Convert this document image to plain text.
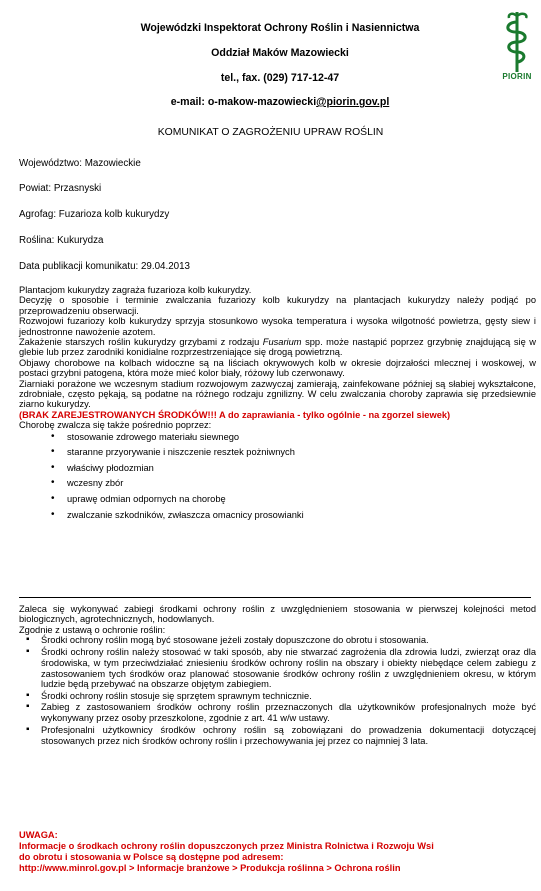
Wojewódzki Inspektorat Ochrony Roślin i Nasiennictwa
Oddział Maków Mazowiecki
tel., fax. (029) 717-12-47
e-mail: o-makow-mazowiecki@piorin.gov.pl
PIORIN
KOMUNIKAT O ZAGROŻENIU UPRAW ROŚLIN
Województwo: Mazowieckie
Powiat: Przasnyski
Agrofag: Fuzarioza kolb kukurydzy
Roślina: Kukurydza
Data publikacji komunikatu: 29.04.2013

Plantacjom kukurydzy zagraża fuzarioza kolb kukurydzy.

Decyzję o sposobie i terminie zwalczania fuzariozy kolb kukurydzy na plantacjach kukurydzy należy podjąć po przeprowadzeniu obserwacji.

Rozwojowi fuzariozy kolb kukurydzy sprzyja stosunkowo wysoka temperatura i wysoka wilgotność powietrza, gęsty siew i jednostronne nawożenie azotem.

Zakażenie starszych roślin kukurydzy grzybami z rodzaju Fusarium spp. może nastąpić poprzez grzybnię znajdującą się w glebie lub przez zarodniki konidialne rozprzestrzeniające się drogą powietrzną.

Objawy chorobowe na kolbach widoczne są na liściach okrywowych kolb w okresie dojrzałości mlecznej i woskowej, w postaci grzybni patogena, która może mieć kolor biały, różowy lub czerwonawy.

Ziarniaki porażone we wczesnym stadium rozwojowym zazwyczaj zamierają, zainfekowane później są słabiej wykształcone, zdrobniałe, często pękają, są podatne na różnego rodzaju zgnilizny. W celu zwalczania choroby zaprawia się przedsiewnie ziarno kukurydzy.

(BRAK ZAREJESTROWANYCH ŚRODKÓW!!! A do zaprawiania - tylko ogólnie - na zgorzel siewek)

Chorobę zwalcza się także pośrednio poprzez:

• stosowanie zdrowego materiału siewnego
• staranne przyorywanie i niszczenie resztek pożniwnych
• właściwy płodozmian
• wczesny zbór
• uprawę odmian odpornych na chorobę
• zwalczanie szkodników, zwłaszcza omacnicy prosowianki

Zaleca się wykonywać zabiegi środkami ochrony roślin z uwzględnieniem stosowania w pierwszej kolejności metod biologicznych, agrotechnicznych, hodowlanych.

Zgodnie z ustawą o ochronie roślin:

▪ Środki ochrony roślin mogą być stosowane jeżeli zostały dopuszczone do obrotu i stosowania.
▪ Środki ochrony roślin należy stosować w taki sposób, aby nie stwarzać zagrożenia dla zdrowia ludzi, zwierząt oraz dla środowiska, w tym przeciwdziałać zniesieniu środków ochrony roślin na obszary i obiekty niebędące celem zabiegu z zastosowaniem tych środków oraz planować stosowanie środków ochrony roślin z uwzględnieniem okresu, w którym ludzie będą przebywać na obszarze objętym zabiegiem.
▪ Środki ochrony roślin stosuje się sprzętem sprawnym technicznie.
▪ Zabieg z zastosowaniem środków ochrony roślin przeznaczonych dla użytkowników profesjonalnych może być wykonywany przez osoby przeszkolone, zgodnie z art. 41 w/w ustawy.
▪ Profesjonalni użytkownicy środków ochrony roślin są zobowiązani do prowadzenia dokumentacji dotyczącej stosowanych przez nich środków ochrony roślin i przechowywania jej przez co najmniej 3 lata.
UWAGA:
Informacje o środkach ochrony roślin dopuszczonych przez Ministra Rolnictwa i Rozwoju Wsi
do obrotu i stosowania w Polsce są dostępne pod adresem:
http://www.minrol.gov.pl > Informacje branżowe > Produkcja roślinna > Ochrona roślin
